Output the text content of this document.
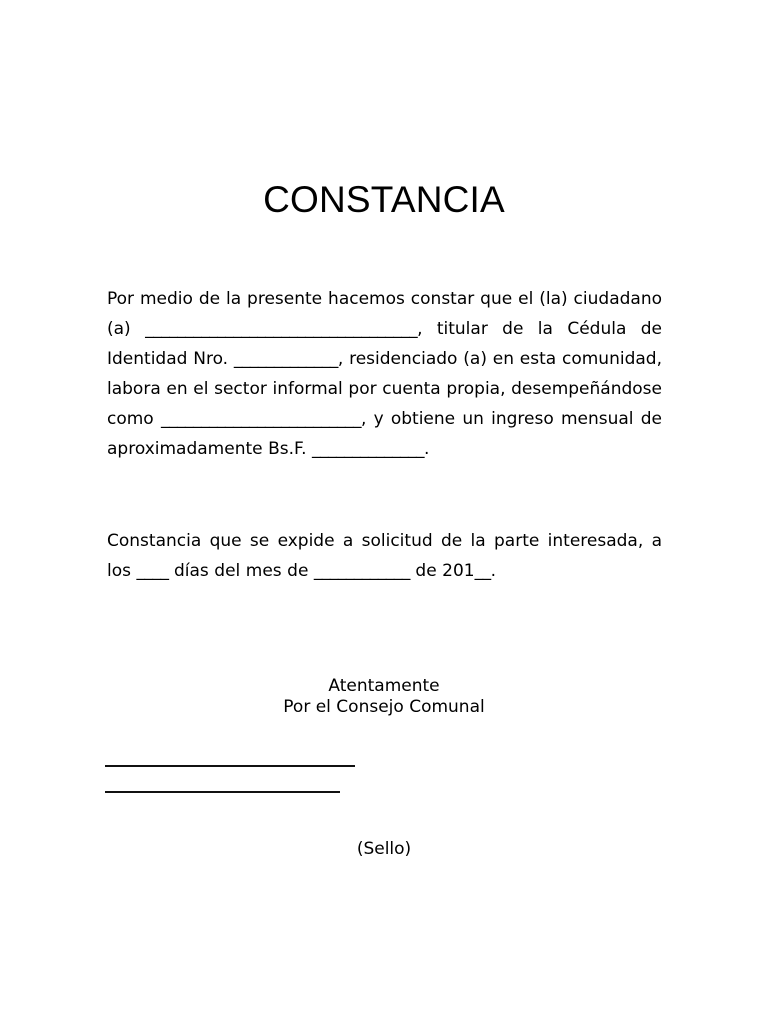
CONSTANCIA

Por medio de la presente hacemos constar que el (la) ciudadano (a) __________________________________, titular de la Cédula de Identidad Nro. _____________, residenciado (a) en esta comunidad, labora en el sector informal por cuenta propia, desempeñándose como _________________________, y obtiene un ingreso mensual de aproximadamente Bs.F. ______________.

Constancia que se expide a solicitud de la parte interesada, a los ____ días del mes de ____________ de 201__.

Atentamente
Por el Consejo Comunal
(Sello)
